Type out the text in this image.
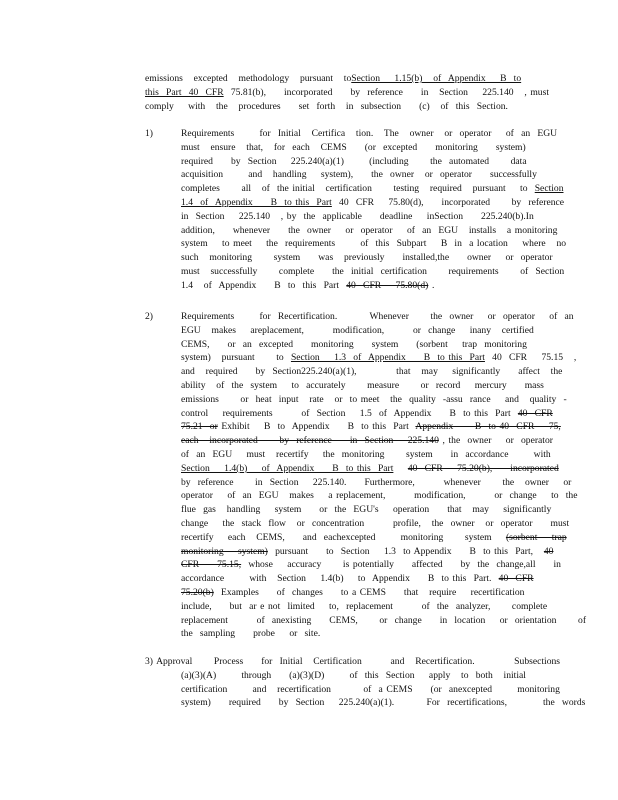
emissions   excepted   methodology   pursuant   toSection    1.15(b)   of  Appendix    B  to
this  Part  40  CFR  75.81(b),     incorporated     by  reference     in   Section    225.140   , must
comply    with   the   procedures     set  forth   in  subsection     (c)   of  this  Section.
1)	Requirements       for  Initial   Certifica   tion.   The   owner   or  operator    of  an  EGU
must   ensure   that,   for  each   CEMS     (or  excepted     monitoring     system)
required     by  Section    225.240(a)(1)       (including      the  automated      data
acquisition       and   handling    system),     the  owner   or  operator     successfully
completes      all   of  the initial   certification      testing   required   pursuant    to  Section
1.4  of  Appendix     B  to this  Part  40  CFR    75.80(d),     incorporated      by  reference
in  Section    225.140   , by  the  applicable     deadline    inSection     225.240(b).In
addition,     whenever     the  owner    or  operator    of  an  EGU   installs   a monitoring
system    to meet    the  requirements       of  this  Subpart    B  in  a location    where   no
such   monitoring      system     was   previously     installed,the     owner    or  operator
must   successfully      complete     the  initial  certification      requirements      of  Section
1.4   of  Appendix     B  to  this  Part  40  CFR    75.80(d) .
2)	Requirements       for  Recertification.         Whenever      the  owner    or  operator    of  an
EGU   makes    areplacement,        modification,        or  change    inany   certified
CEMS,     or  an  excepted     monitoring     system     (sorbent    trap  monitoring
system)   pursuant      to  Section    1.3  of  Appendix     B  to this  Part  40  CFR    75.15   ,
and   required     by  Section225.240(a)(1),           that   may    significantly     affect   the
ability   of  the  system    to  accurately      measure      or  record    mercury     mass
emissions      or  heat  input   rate   or  to meet   the  quality  -assu  rance    and   quality  -
control    requirements        of  Section    1.5  of  Appendix     B  to this  Part  40  CFR
75.21  or Exhibit    B  to  Appendix     B  to this  Part  Appendix      B  to 40  CFR    75,
each   incorporated      by  reference     in  Section    225.140 , the  owner    or  operator
of  an  EGU    must   recertify    the  monitoring      system     in  accordance       with
Section    1.4(b)    of  Appendix     B  to this  Part 40  CFR    75.20(b),     incorporated
by  reference      in  Section    225.140.     Furthermore,        whenever      the   owner    or
operator    of  an  EGU   makes    a replacement,        modification,        or  change    to  the
flue  gas   handling    system     or  the  EGU's    operation     that   may    significantly
change    the  stack  flow   or  concentration        profile,   the  owner   or  operator     must
recertify    each   CEMS,     and  eachexcepted       monitoring      system    (sorbent    trap
monitoring    system)  pursuant     to  Section    1.3  to Appendix     B  to this  Part,   40
CFR     75.15,  whose    accuracy      is potentially     affected     by  the  change,all     in
accordance       with   Section    1.4(b)    to  Appendix     B  to this  Part.  40  CFR
75.20(b)  Examples     of  changes     to a CEMS     that   require    recertification
include,     but  ar e not  limited    to,  replacement        of  the  analyzer,      complete
replacement        of  anexisting     CEMS,      or  change     in  location    or  orientation      of
the  sampling     probe    or  site.
3) Approval      Process     for  Initial   Certification        and   Recertification.           Subsections
(a)(3)(A)       through     (a)(3)(D)       of  this  Section    apply   to  both   initial
certification       and   recertification         of  a CEMS     (or  anexcepted       monitoring
system)     required     by  Section    225.240(a)(1).         For  recertifications,          the  words
